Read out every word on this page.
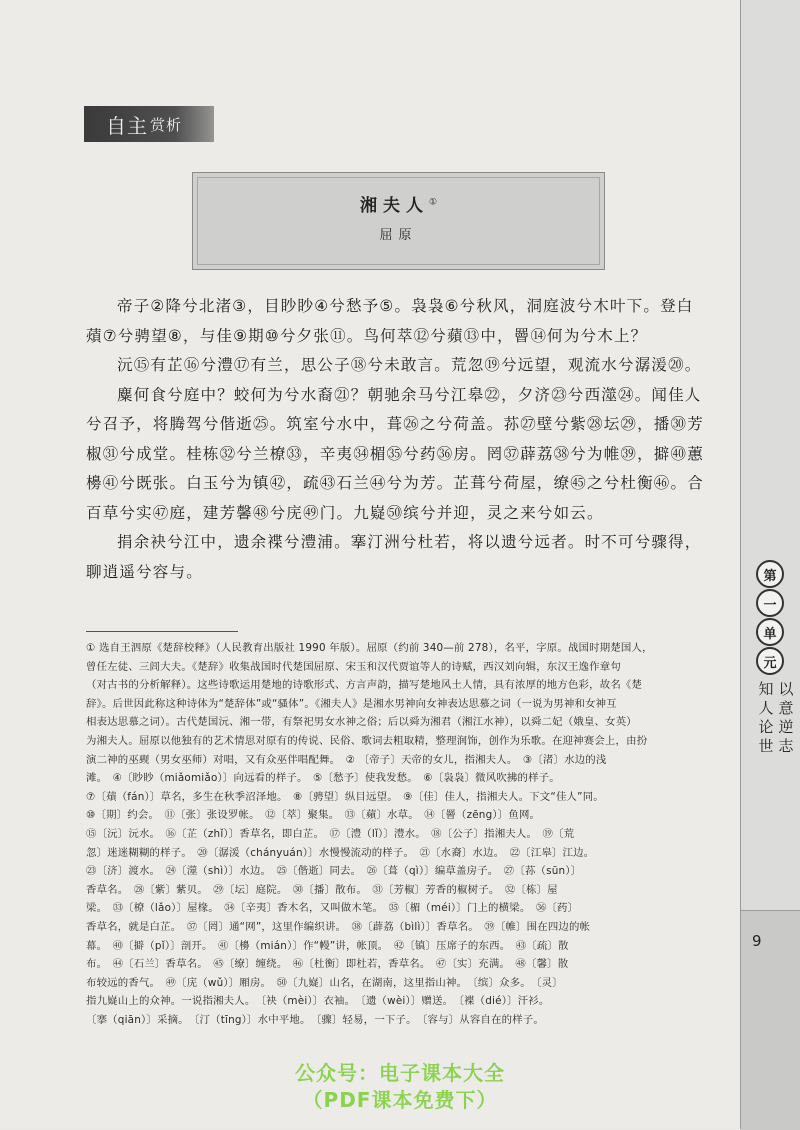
自主 赏析
湘夫人①
屈原

帝子②降兮北渚③，目眇眇④兮愁予⑤。袅袅⑥兮秋风，洞庭波兮木叶下。登白薠⑦兮骋望⑧，与佳⑨期⑩兮夕张⑪。鸟何萃⑫兮蘋⑬中，罾⑭何为兮木上？

沅⑮有芷⑯兮澧⑰有兰，思公子⑱兮未敢言。荒忽⑲兮远望，观流水兮潺湲⑳。

麋何食兮庭中？蛟何为兮水裔㉑？朝驰余马兮江皋㉒，夕济㉓兮西澨㉔。闻佳人兮召予，将腾驾兮偕逝㉕。筑室兮水中，葺㉖之兮荷盖。荪㉗壁兮紫㉘坛㉙，播㉚芳椒㉛兮成堂。桂栋㉜兮兰橑㉝，辛夷㉞楣㉟兮药㊱房。罔㊲薜荔㊳兮为帷㊴，擗㊵蕙櫋㊶兮既张。白玉兮为镇㊷，疏㊸石兰㊹兮为芳。芷葺兮荷屋，缭㊺之兮杜衡㊻。合百草兮实㊼庭，建芳馨㊽兮庑㊾门。九嶷㊿缤兮并迎，灵之来兮如云。

捐余袂兮江中，遗余褋兮澧浦。搴汀洲兮杜若，将以遗兮远者。时不可兮骤得，聊逍遥兮容与。

① 选自王泗原《楚辞校释》（人民教育出版社 1990 年版）。屈原（约前 340—前 278），名平，字原。战国时期楚国人，
曾任左徒、三闾大夫。《楚辞》收集战国时代楚国屈原、宋玉和汉代贾谊等人的诗赋，西汉刘向辑，东汉王逸作章句
（对古书的分析解释）。这些诗歌运用楚地的诗歌形式、方言声韵，描写楚地风土人情，具有浓厚的地方色彩，故名《楚
辞》。后世因此称这种诗体为“楚辞体”或“骚体”。《湘夫人》是湘水男神向女神表达思慕之词（一说为男神和女神互
相表达思慕之词）。古代楚国沅、湘一带，有祭祀男女水神之俗；后以舜为湘君（湘江水神），以舜二妃（娥皇、女英）
为湘夫人。屈原以他独有的艺术情思对原有的传说、民俗、歌词去粗取精，整理润饰，创作为乐歌。在迎神赛会上，由扮
演二神的巫觋（男女巫师）对唱，又有众巫伴唱配舞。　② 〔帝子〕天帝的女儿，指湘夫人。　③〔渚〕水边的浅
滩。　④〔眇眇（miǎomiǎo）〕向远看的样子。　⑤〔愁予〕使我发愁。　⑥〔袅袅〕微风吹拂的样子。
⑦〔薠（fán）〕草名，多生在秋季沼泽地。　⑧〔骋望〕纵目远望。　⑨〔佳〕佳人，指湘夫人。下文“佳人”同。
⑩〔期〕约会。　⑪〔张〕张设罗帐。　⑫〔萃〕聚集。　⑬〔蘋〕水草。　⑭〔罾（zēng）〕鱼网。
⑮〔沅〕沅水。　⑯〔芷（zhǐ）〕香草名，即白芷。　⑰〔澧（lǐ）〕澧水。　⑱〔公子〕指湘夫人。　⑲〔荒
忽〕迷迷糊糊的样子。　⑳〔潺湲（chányuán）〕水慢慢流动的样子。　㉑〔水裔〕水边。　㉒〔江皋〕江边。
㉓〔济〕渡水。　㉔〔澨（shì）〕水边。　㉕〔偕逝〕同去。　㉖〔葺（qì）〕编草盖房子。　㉗〔荪（sūn）〕
香草名。　㉘〔紫〕紫贝。　㉙〔坛〕庭院。　㉚〔播〕散布。　㉛〔芳椒〕芳香的椒树子。　㉜〔栋〕屋
梁。　㉝〔橑（lǎo）〕屋椽。　㉞〔辛夷〕香木名，又叫做木笔。　㉟〔楣（méi）〕门上的横梁。　㊱〔药〕
香草名，就是白芷。　㊲〔罔〕通“网”，这里作编织讲。　㊳〔薜荔（bìlì）〕香草名。　㊴〔帷〕围在四边的帐
幕。　㊵〔擗（pǐ）〕剖开。　㊶〔櫋（mián）〕作“幔”讲，帐顶。　㊷〔镇〕压席子的东西。　㊸〔疏〕散
布。　㊹〔石兰〕香草名。　㊺〔缭〕缠绕。　㊻〔杜衡〕即杜若，香草名。　㊼〔实〕充满。　㊽〔馨〕散
布较远的香气。　㊾〔庑（wǔ）〕厢房。　㊿〔九嶷〕山名，在湖南，这里指山神。　〔缤〕众多。　〔灵〕
指九嶷山上的众神。一说指湘夫人。　〔袂（mèi）〕衣袖。　〔遗（wèi）〕赠送。　〔褋（dié）〕汗衫。
〔搴（qiān）〕采摘。　〔汀（tīng）〕水中平地。　〔骤〕轻易，一下子。　〔容与〕从容自在的样子。
第
一
单
元
以意逆志
知人论世
9
公众号：电子课本大全
（PDF课本免费下）
